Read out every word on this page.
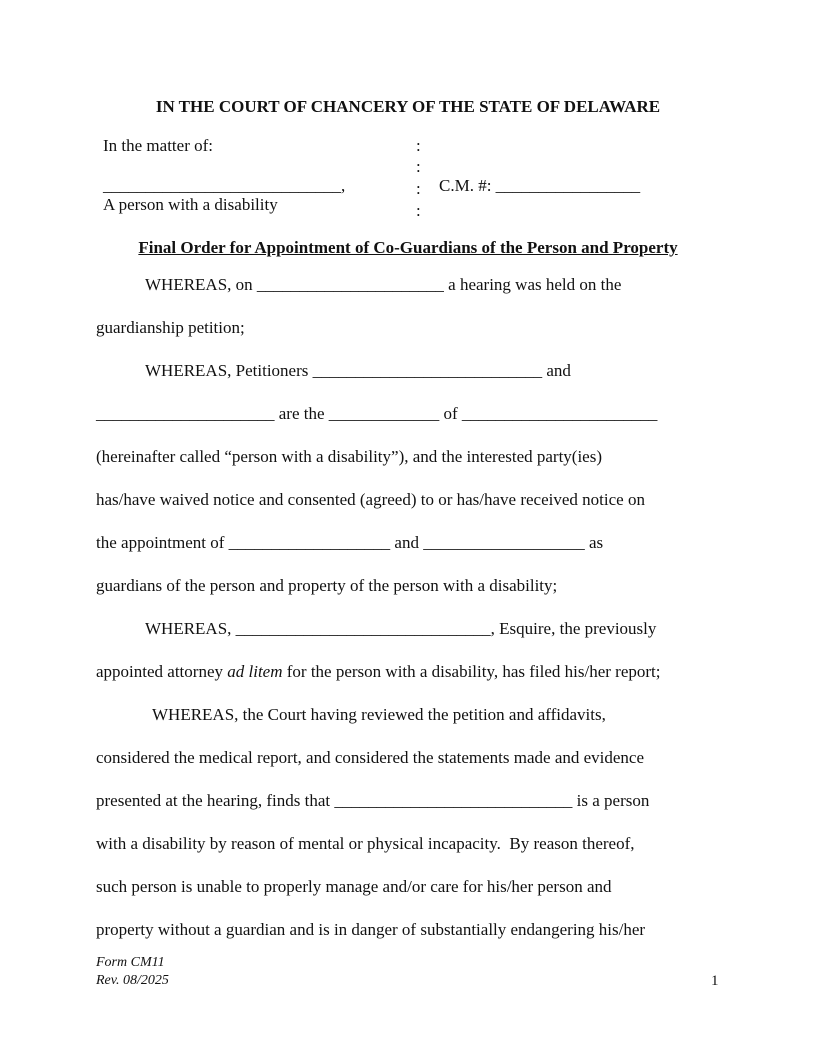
IN THE COURT OF CHANCERY OF THE STATE OF DELAWARE
In the matter of:
____________________________,
A person with a disability
:
:
:
:
C.M. #: _________________
Final Order for Appointment of Co-Guardians of the Person and Property
WHEREAS, on ______________________ a hearing was held on the
guardianship petition;
WHEREAS, Petitioners ___________________________ and
_____________________ are the _____________ of _______________________
(hereinafter called “person with a disability”), and the interested party(ies)
has/have waived notice and consented (agreed) to or has/have received notice on
the appointment of ___________________ and ___________________ as
guardians of the person and property of the person with a disability;
WHEREAS, ______________________________, Esquire, the previously
appointed attorney ad litem for the person with a disability, has filed his/her report;
WHEREAS, the Court having reviewed the petition and affidavits,
considered the medical report, and considered the statements made and evidence
presented at the hearing, finds that ____________________________ is a person
with a disability by reason of mental or physical incapacity.  By reason thereof,
such person is unable to properly manage and/or care for his/her person and
property without a guardian and is in danger of substantially endangering his/her
Form CM11
Rev. 08/2025	1
